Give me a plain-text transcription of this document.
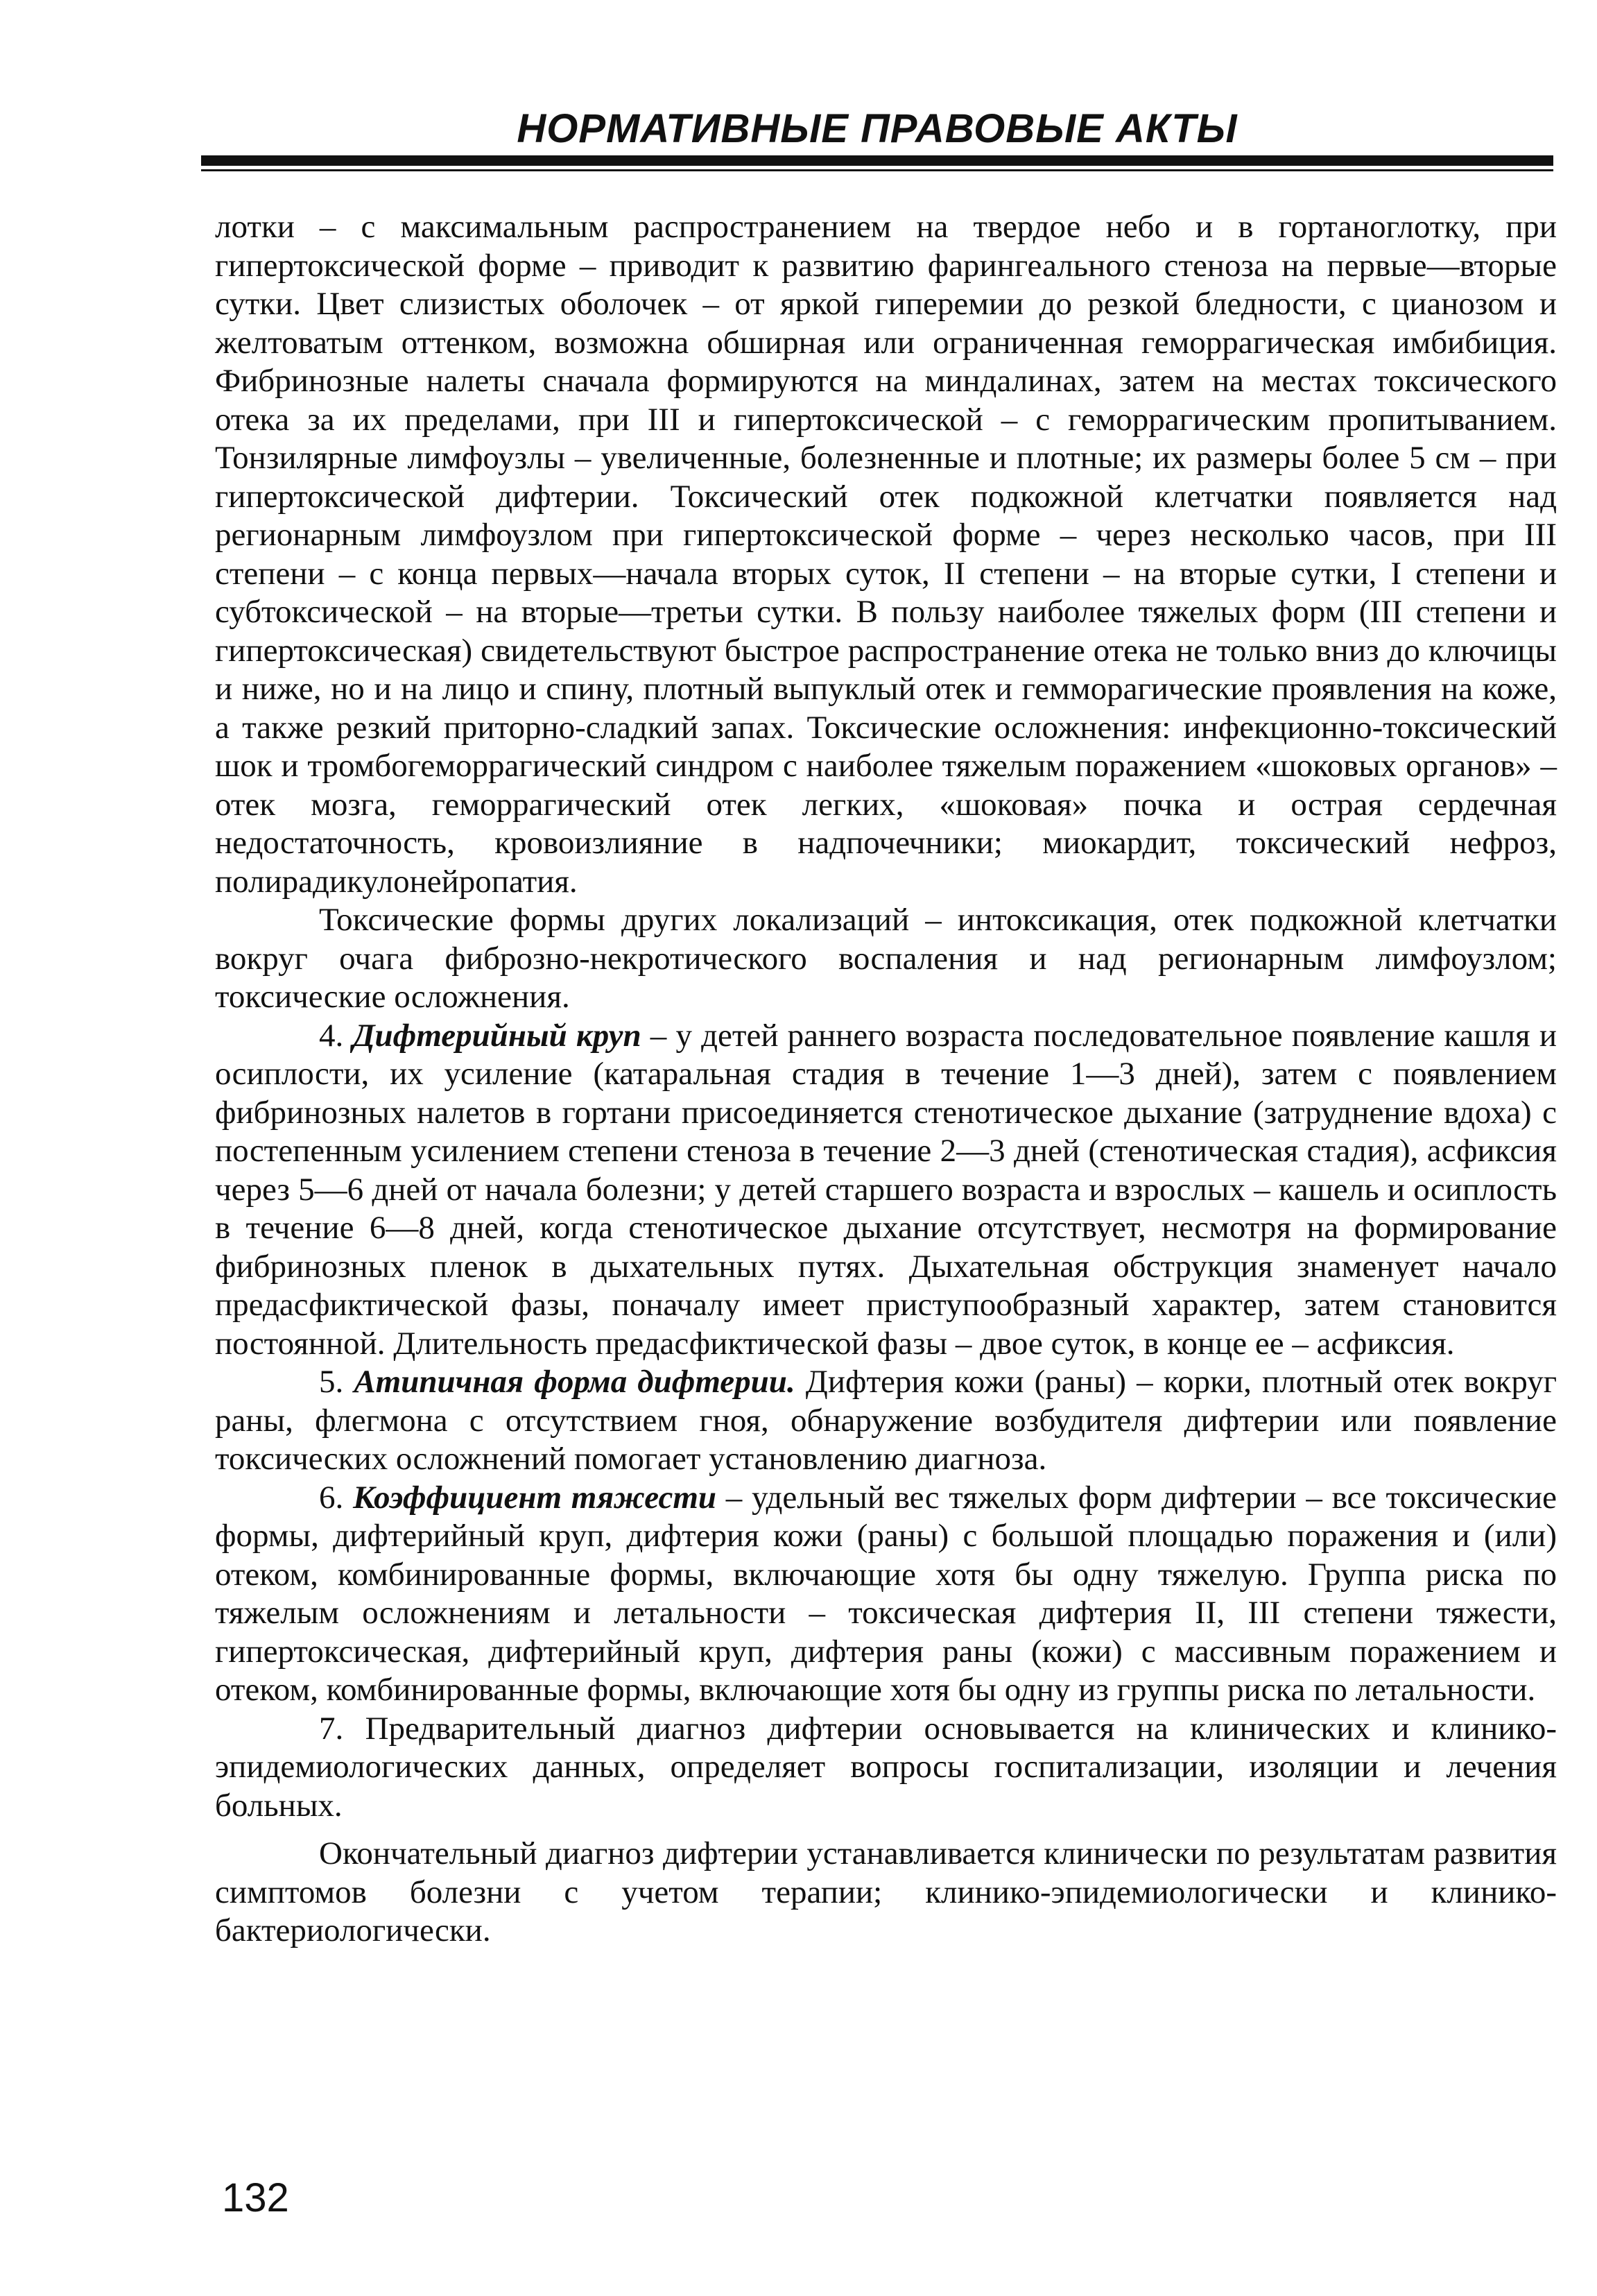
НОРМАТИВНЫЕ ПРАВОВЫЕ АКТЫ

лотки – с максимальным распространением на твердое небо и в гортаноглотку, при гипертоксической форме – приводит к развитию фарингеального стеноза на первые—вторые сутки. Цвет слизистых оболочек – от яркой гиперемии до резкой бледности, с цианозом и желтоватым оттенком, возможна обширная или ограниченная геморрагическая имбибиция. Фибринозные налеты сначала формируются на миндалинах, затем на местах токсического отека за их пределами, при III и гипертоксической – с геморрагическим пропитыванием. Тонзилярные лимфоузлы – увеличенные, болезненные и плотные; их размеры более 5 см – при гипертоксической дифтерии. Токсический отек подкожной клетчатки появляется над регионарным лимфоузлом при гипертоксической форме – через несколько часов, при III степени – с конца первых—начала вторых суток, II степени – на вторые сутки, I степени и субтоксической – на вторые—третьи сутки. В пользу наиболее тяжелых форм (III степени и гипертоксическая) свидетельствуют быстрое распространение отека не только вниз до ключицы и ниже, но и на лицо и спину, плотный выпуклый отек и гемморагические проявления на коже, а также резкий приторно-сладкий запах. Токсические осложнения: инфекционно-токсический шок и тромбогеморрагический синдром с наиболее тяжелым поражением «шоковых органов» – отек мозга, геморрагический отек легких, «шоковая» почка и острая сердечная недостаточность, кровоизлияние в надпочечники; миокардит, токсический нефроз, полирадикулонейропатия.

Токсические формы других локализаций – интоксикация, отек подкожной клетчатки вокруг очага фиброзно-некротического воспаления и над регионарным лимфоузлом; токсические осложнения.

4. Дифтерийный круп – у детей раннего возраста последовательное появление кашля и осиплости, их усиление (катаральная стадия в течение 1—3 дней), затем с появлением фибринозных налетов в гортани присоединяется стенотическое дыхание (затруднение вдоха) с постепенным усилением степени стеноза в течение 2—3 дней (стенотическая стадия), асфиксия через 5—6 дней от начала болезни; у детей старшего возраста и взрослых – кашель и осиплость в течение 6—8 дней, когда стенотическое дыхание отсутствует, несмотря на формирование фибринозных пленок в дыхательных путях. Дыхательная обструкция знаменует начало предасфиктической фазы, поначалу имеет приступообразный характер, затем становится постоянной. Длительность предасфиктической фазы – двое суток, в конце ее – асфиксия.

5. Атипичная форма дифтерии. Дифтерия кожи (раны) – корки, плотный отек вокруг раны, флегмона с отсутствием гноя, обнаружение возбудителя дифтерии или появление токсических осложнений помогает установлению диагноза.

6. Коэффициент тяжести – удельный вес тяжелых форм дифтерии – все токсические формы, дифтерийный круп, дифтерия кожи (раны) с большой площадью поражения и (или) отеком, комбинированные формы, включающие хотя бы одну тяжелую. Группа риска по тяжелым осложнениям и летальности – токсическая дифтерия II, III степени тяжести, гипертоксическая, дифтерийный круп, дифтерия раны (кожи) с массивным поражением и отеком, комбинированные формы, включающие хотя бы одну из группы риска по летальности.

7. Предварительный диагноз дифтерии основывается на клинических и клинико-эпидемиологических данных, определяет вопросы госпитализации, изоляции и лечения больных.

Окончательный диагноз дифтерии устанавливается клинически по результатам развития симптомов болезни с учетом терапии; клинико-эпидемиологически и клинико-бактериологически.

132
